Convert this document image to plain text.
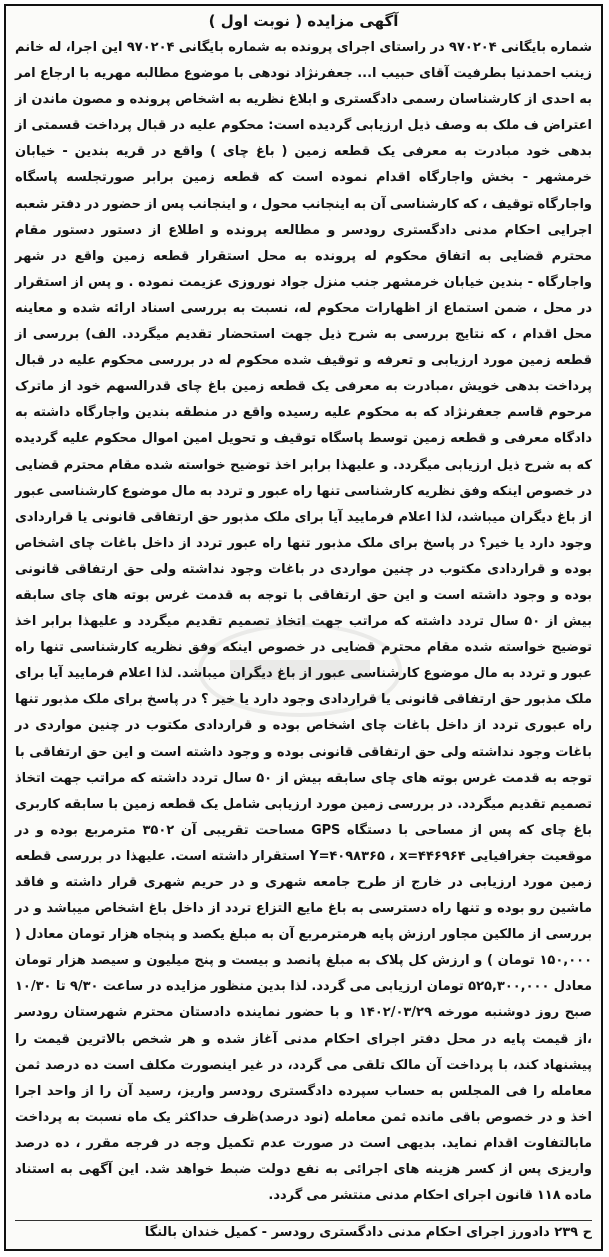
آگهی مزایده ( نوبت اول )

شماره بایگانی ۹۷۰۲۰۴ در راستای اجرای پرونده به شماره بایگانی ۹۷۰۲۰۴ این اجرا، له خانم زینب احمدنیا بطرفیت آقای حبیب ا... جعفرنژاد نودهی با موضوع مطالبه مهریه با ارجاع امر به احدی از کارشناسان رسمی دادگستری و ابلاغ نظریه به اشخاص پرونده و مصون ماندن از اعتراض ف ملک به وصف ذیل ارزیابی گردیده است: محکوم علیه در قبال پرداخت قسمتی از بدهی خود مبادرت به معرفی یک قطعه زمین ( باغ چای ) واقع در قریه بندین - خیابان خرمشهر - بخش واجارگاه اقدام نموده است که قطعه زمین برابر صورتجلسه پاسگاه واجارگاه توقیف ، که کارشناسی آن به اینجانب محول ، و اینجانب پس از حضور در دفتر شعبه اجرایی احکام مدنی دادگستری رودسر و مطالعه پرونده و اطلاع از دستور دستور مقام محترم قضایی به اتفاق محکوم له پرونده به محل استقرار قطعه زمین واقع در شهر واجارگاه - بندین خیابان خرمشهر جنب منزل جواد نوروزی عزیمت نموده . و پس از استقرار در محل ، ضمن استماع از اظهارات محکوم له، نسبت به بررسی اسناد ارائه شده و معاینه محل اقدام ، که نتایج بررسی به شرح ذیل جهت استحضار تقدیم میگردد. الف) بررسی از قطعه زمین مورد ارزیابی و تعرفه و توقیف شده محکوم له در بررسی محکوم علیه در قبال پرداخت بدهی خویش ،مبادرت به معرفی یک قطعه زمین باغ چای قدرالسهم خود از ماترک مرحوم قاسم جعفرنژاد که به محکوم علیه رسیده واقع در منطقه بندین واجارگاه داشته به دادگاه معرفی و قطعه زمین توسط پاسگاه توقیف و تحویل امین اموال محکوم علیه گردیده که به شرح ذیل ارزیابی میگردد. و علیهذا برابر اخذ توضیح خواسته شده مقام محترم قضایی در خصوص اینکه وفق نظریه کارشناسی تنها راه عبور و تردد به مال موضوع کارشناسی عبور از باغ دیگران میباشد، لذا اعلام فرمایید آیا برای ملک مذبور حق ارتفاقی قانونی یا قراردادی وجود دارد یا خیر؟ در پاسخ برای ملک مذبور تنها راه عبور تردد از داخل باغات چای اشخاص بوده و قراردادی مکتوب در چنین مواردی در باغات وجود نداشته ولی حق ارتفاقی قانونی بوده و وجود داشته است و این حق ارتفاقی با توجه به قدمت غرس بوته های چای سابقه بیش از ۵۰ سال تردد داشته که مراتب جهت اتخاذ تصمیم تقدیم میگردد و علیهذا برابر اخذ توضیح خواسته شده مقام محترم قضایی در خصوص اینکه وفق نظریه کارشناسی تنها راه عبور و تردد به مال موضوع کارشناسی عبور از باغ دیگران میباشد. لذا اعلام فرمایید آیا برای ملک مذبور حق ارتفاقی قانونی یا قراردادی وجود دارد یا خیر ؟ در پاسخ برای ملک مذبور تنها راه عبوری تردد از داخل باغات چای اشخاص بوده و قراردادی مکتوب در چنین مواردی در باغات وجود نداشته ولی حق ارتفاقی قانونی بوده و وجود داشته است و این حق ارتفاقی با توجه به قدمت غرس بوته های چای سابقه بیش از ۵۰ سال تردد داشته که مراتب جهت اتخاذ تصمیم تقدیم میگردد. در بررسی زمین مورد ارزیابی شامل یک قطعه زمین با سابقه کاربری باغ چای که پس از مساحی با دستگاه GPS مساحت تقریبی آن ۳۵۰۲ مترمربع بوده و در موقعیت جغرافیایی Y=۴۰۹۸۳۶۵ ، x=۴۴۶۹۶۴ استقرار داشته است. علیهذا در بررسی قطعه زمین مورد ارزیابی در خارج از طرح جامعه شهری و در حریم شهری قرار داشته و فاقد ماشین رو بوده و تنها راه دسترسی به باغ مایع التزاع تردد از داخل باغ اشخاص میباشد و در بررسی از مالکین مجاور ارزش پایه هرمترمربع آن به مبلغ یکصد و پنجاه هزار تومان معادل ( ۱۵۰,۰۰۰ تومان ) و ارزش کل پلاک به مبلغ پانصد و بیست و پنج میلیون و سیصد هزار تومان معادل ۵۲۵,۳۰۰,۰۰۰ تومان ارزیابی می گردد. لذا بدین منظور مزایده در ساعت ۹/۳۰ تا ۱۰/۳۰ صبح روز دوشنبه مورخه ۱۴۰۲/۰۳/۲۹ و با حضور نماینده دادستان محترم شهرستان رودسر ،از قیمت پایه در محل دفتر اجرای احکام مدنی آغاز شده و هر شخص بالاترین قیمت را پیشنهاد کند، با پرداخت آن مالک تلقی می گردد، در غیر اینصورت مکلف است ده درصد ثمن معامله را فی المجلس به حساب سپرده دادگستری رودسر واریز، رسید آن را از واحد اجرا اخذ و در خصوص باقی مانده ثمن معامله (نود درصد)ظرف حداکثر یک ماه نسبت به پرداخت مابالتفاوت اقدام نماید. بدیهی است در صورت عدم تکمیل وجه در فرجه مقرر ، ده درصد واریزی پس از کسر هزینه های اجرائی به نفع دولت ضبط خواهد شد. این آگهی به استناد ماده ۱۱۸ قانون اجرای احکام مدنی منتشر می گردد.

ح ۲۳۹ دادورز اجرای احکام مدنی دادگستری رودسر - کمیل خندان بالنگا
